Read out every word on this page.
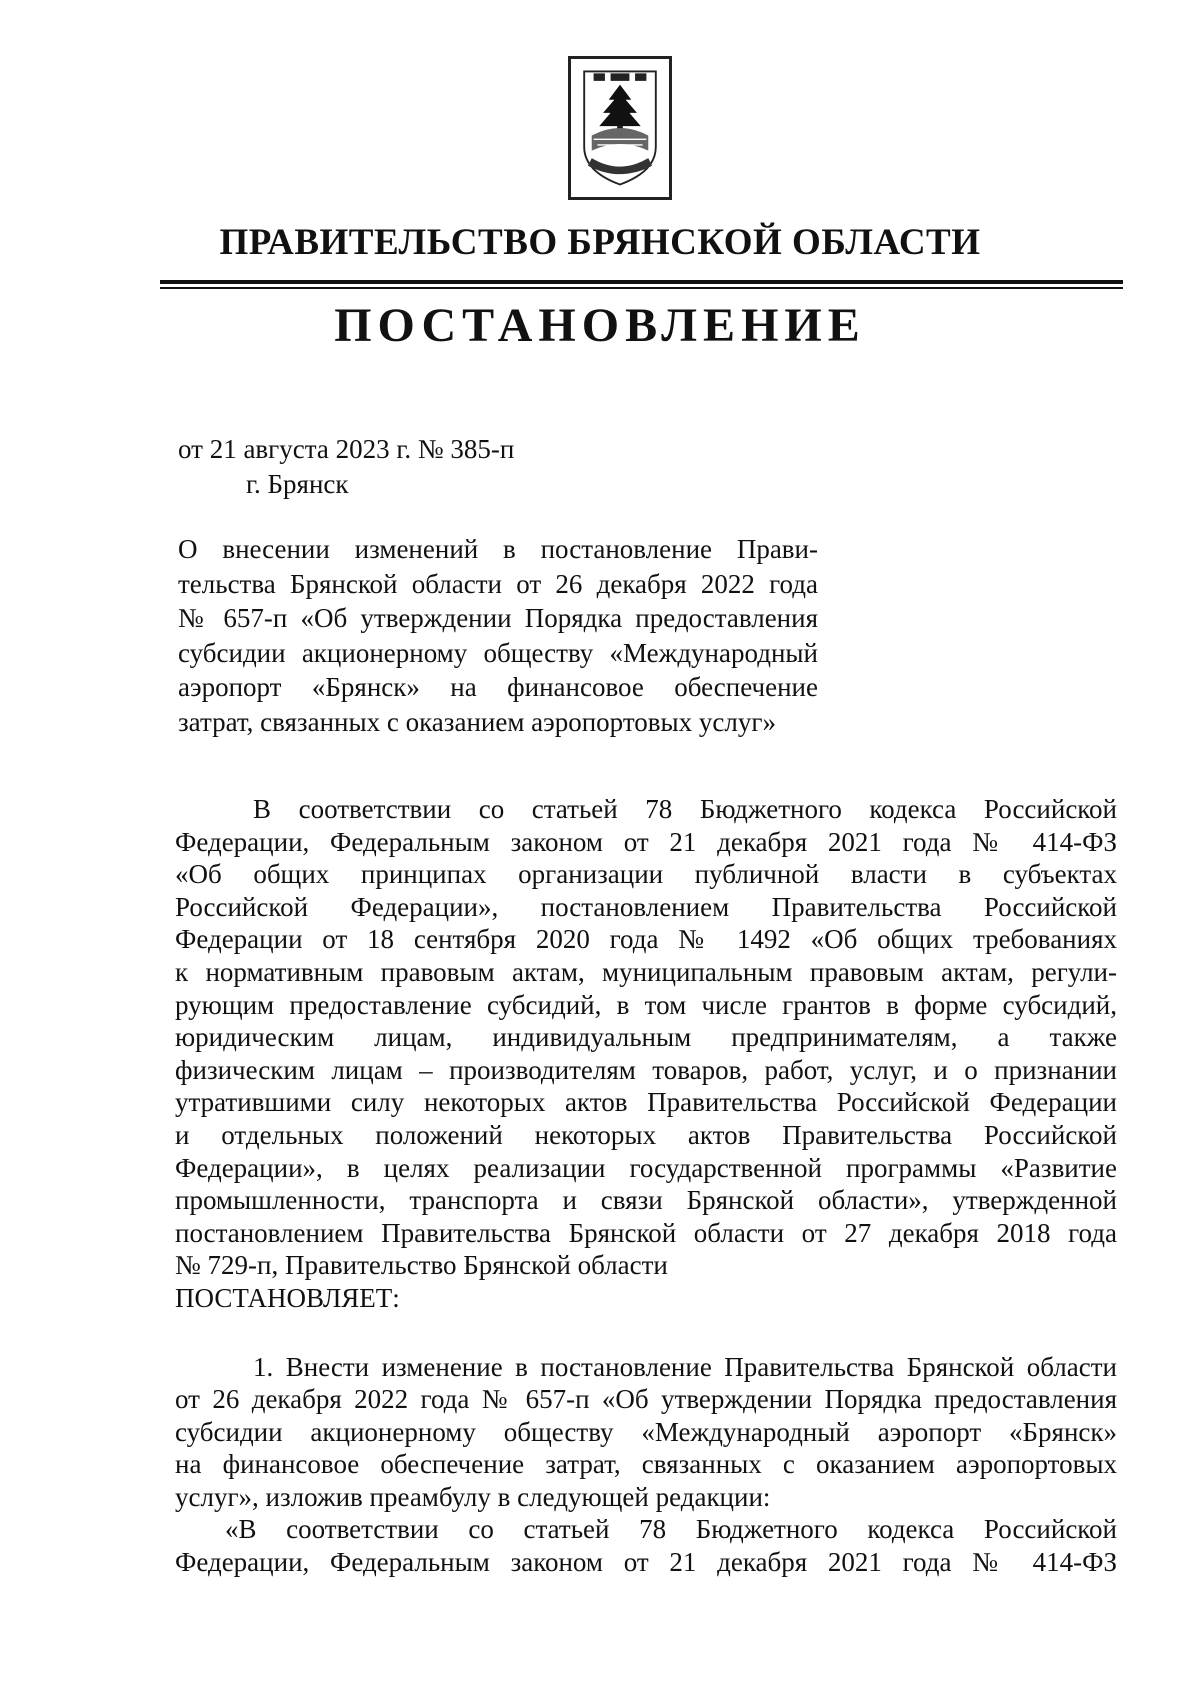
ПРАВИТЕЛЬСТВО БРЯНСКОЙ ОБЛАСТИ
ПОСТАНОВЛЕНИЕ
от 21 августа 2023 г. № 385-п
г. Брянск
О внесении изменений в постановление Прави-
тельства Брянской области от 26 декабря 2022 года
№ 657-п «Об утверждении Порядка предоставления
субсидии акционерному обществу «Международный
аэропорт «Брянск» на финансовое обеспечение
затрат, связанных с оказанием аэропортовых услуг»
В соответствии со статьей 78 Бюджетного кодекса Российской
Федерации, Федеральным законом от 21 декабря 2021 года № 414-ФЗ
«Об общих принципах организации публичной власти в субъектах
Российской Федерации», постановлением Правительства Российской
Федерации от 18 сентября 2020 года № 1492 «Об общих требованиях
к нормативным правовым актам, муниципальным правовым актам, регули-
рующим предоставление субсидий, в том числе грантов в форме субсидий,
юридическим лицам, индивидуальным предпринимателям, а также
физическим лицам – производителям товаров, работ, услуг, и о признании
утратившими силу некоторых актов Правительства Российской Федерации
и отдельных положений некоторых актов Правительства Российской
Федерации», в целях реализации государственной программы «Развитие
промышленности, транспорта и связи Брянской области», утвержденной
постановлением Правительства Брянской области от 27 декабря 2018 года
№ 729-п, Правительство Брянской области
ПОСТАНОВЛЯЕТ:
1. Внести изменение в постановление Правительства Брянской области
от 26 декабря 2022 года № 657-п «Об утверждении Порядка предоставления
субсидии акционерному обществу «Международный аэропорт «Брянск»
на финансовое обеспечение затрат, связанных с оказанием аэропортовых
услуг», изложив преамбулу в следующей редакции:
«В соответствии со статьей 78 Бюджетного кодекса Российской
Федерации, Федеральным законом от 21 декабря 2021 года № 414-ФЗ
